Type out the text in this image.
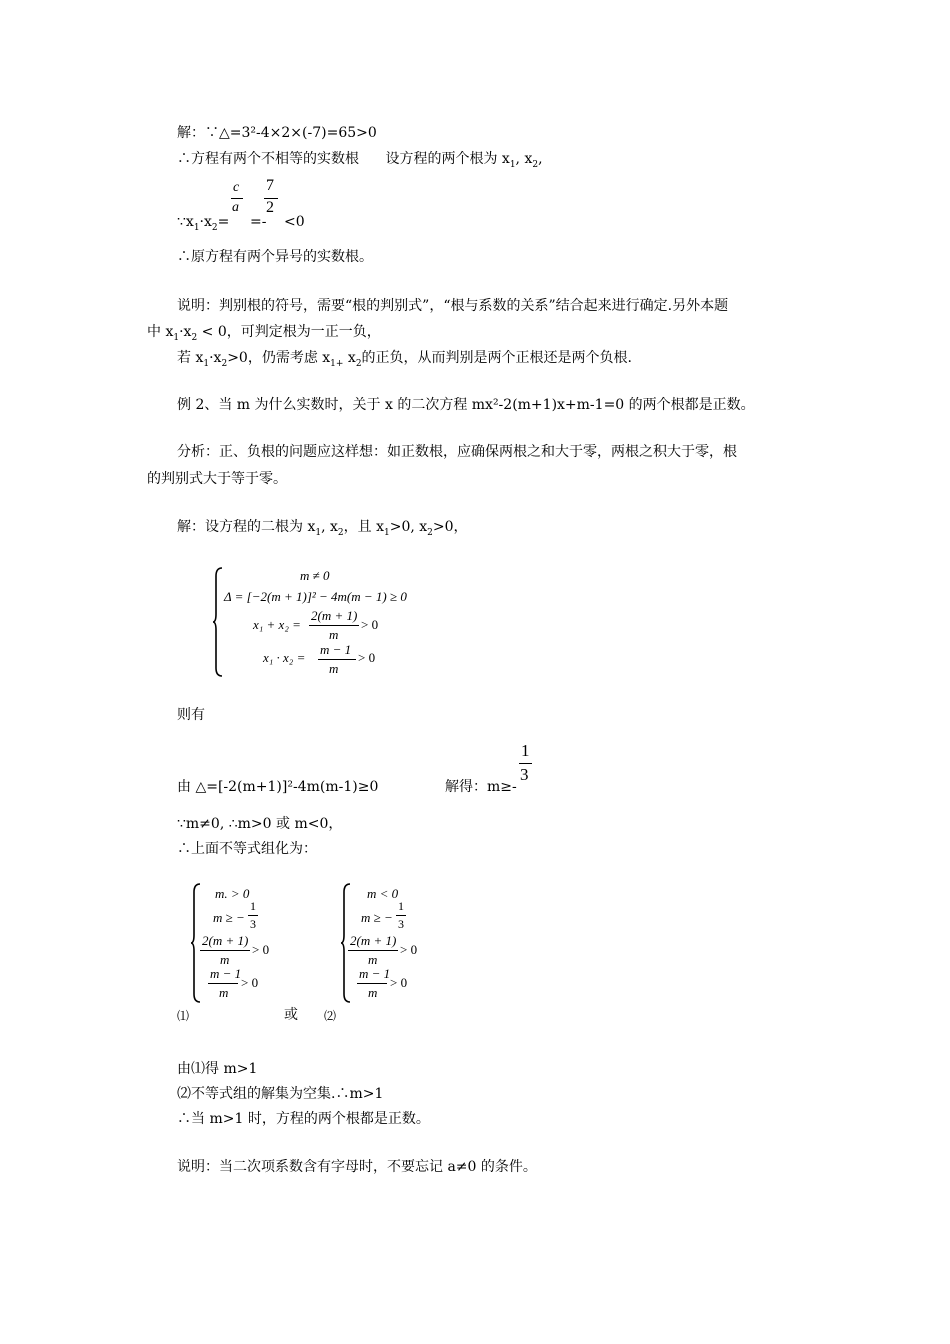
解：∵△=3²-4×2×(-7)=65>0
∴方程有两个不相等的实数根 设方程的两个根为 $x_1$, $x_2$,
c
a
7
2
$\because x_1\cdot x_2= =- <0$
∴原方程有两个异号的实数根。
说明：判别根的符号，需要“根的判别式”，“根与系数的关系”结合起来进行确定.另外本题
中 $x_1\cdot x_2 < 0$，可判定根为一正一负，
若 $x_1\cdot x_2>0$，仍需考虑 $x_{1+}$ $x_2$的正负，从而判别是两个正根还是两个负根.
例 2、当 m 为什么实数时，关于 x 的二次方程 mx²-2(m+1)x+m-1=0 的两个根都是正数。
分析：正、负根的问题应这样想：如正数根，应确保两根之和大于零，两根之积大于零，根
的判别式大于等于零。
解：设方程的二根为 $x_1$, $x_2$，且 $x_1>0$, $x_2>0$，
m ≠ 0
Δ = [−2(m + 1)]² − 4m(m − 1) ≥ 0
x₁ + x₂ =
2(m + 1)
m
> 0
x₁ · x₂ =
m − 1
m
> 0
则有
由 △=[-2(m+1)]²-4m(m-1)≥0	解得：m≥-
1
3
∵m≠0, ∴m>0 或 m<0，
∴上面不等式组化为：
m. > 0
m ≥ −
1
3
2(m + 1)
m
> 0
m − 1
m
> 0
m < 0
m ≥ −
1
3
2(m + 1)
m
> 0
m − 1
m
> 0
⑴	或 ⑵
由⑴得 m>1
⑵不等式组的解集为空集.∴m>1
∴当 m>1 时，方程的两个根都是正数。
说明：当二次项系数含有字母时，不要忘记 a≠0 的条件。
